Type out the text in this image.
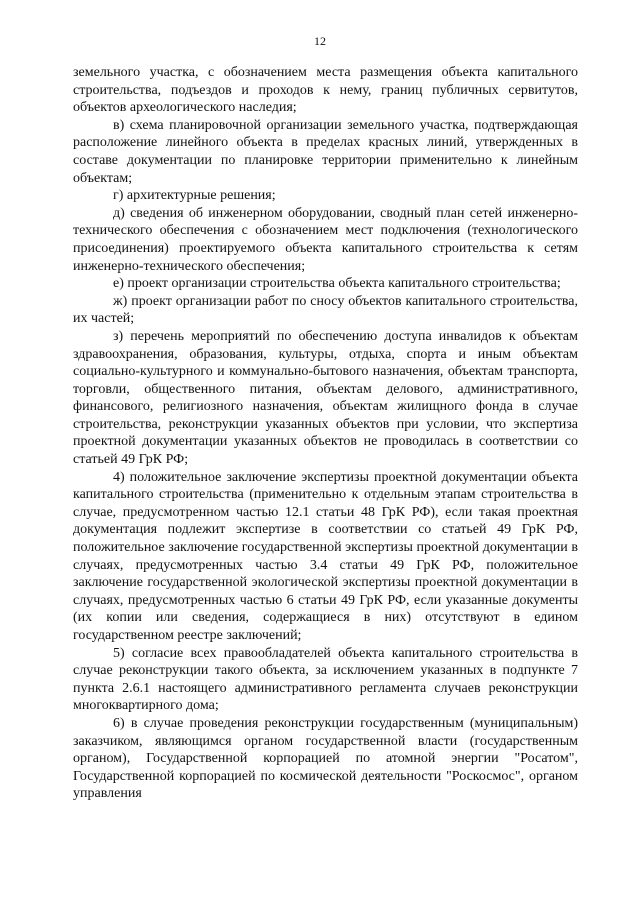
12

земельного участка, с обозначением места размещения объекта капитального строительства, подъездов и проходов к нему, границ публичных сервитутов, объектов археологического наследия;

в) схема планировочной организации земельного участка, подтверждающая расположение линейного объекта в пределах красных линий, утвержденных в составе документации по планировке территории применительно к линейным объектам;

г) архитектурные решения;

д) сведения об инженерном оборудовании, сводный план сетей инженерно-технического обеспечения с обозначением мест подключения (технологического присоединения) проектируемого объекта капитального строительства к сетям инженерно-технического обеспечения;

е) проект организации строительства объекта капитального строительства;

ж) проект организации работ по сносу объектов капитального строительства, их частей;

з) перечень мероприятий по обеспечению доступа инвалидов к объектам здравоохранения, образования, культуры, отдыха, спорта и иным объектам социально-культурного и коммунально-бытового назначения, объектам транспорта, торговли, общественного питания, объектам делового, административного, финансового, религиозного назначения, объектам жилищного фонда в случае строительства, реконструкции указанных объектов при условии, что экспертиза проектной документации указанных объектов не проводилась в соответствии со статьей 49 ГрК РФ;

4) положительное заключение экспертизы проектной документации объекта капитального строительства (применительно к отдельным этапам строительства в случае, предусмотренном частью 12.1 статьи 48 ГрК РФ), если такая проектная документация подлежит экспертизе в соответствии со статьей 49 ГрК РФ, положительное заключение государственной экспертизы проектной документации в случаях, предусмотренных частью 3.4 статьи 49 ГрК РФ, положительное заключение государственной экологической экспертизы проектной документации в случаях, предусмотренных частью 6 статьи 49 ГрК РФ, если указанные документы (их копии или сведения, содержащиеся в них) отсутствуют в едином государственном реестре заключений;

5) согласие всех правообладателей объекта капитального строительства в случае реконструкции такого объекта, за исключением указанных в подпункте 7 пункта 2.6.1 настоящего административного регламента случаев реконструкции многоквартирного дома;

6) в случае проведения реконструкции государственным (муниципальным) заказчиком, являющимся органом государственной власти (государственным органом), Государственной корпорацией по атомной энергии "Росатом", Государственной корпорацией по космической деятельности "Роскосмос", органом управления
